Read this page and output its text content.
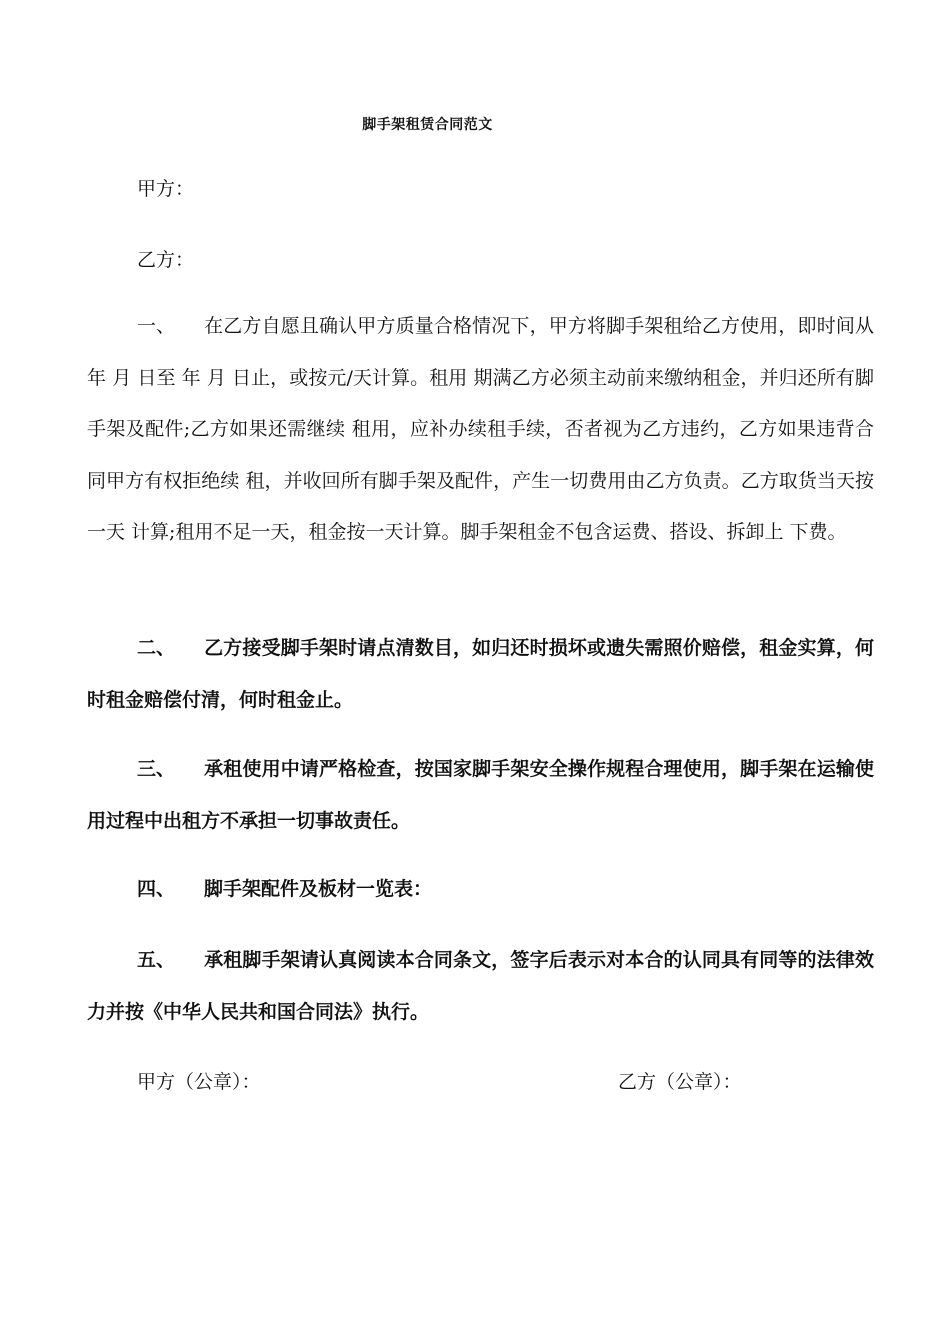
脚手架租赁合同范文
甲方：
乙方：

一、 在乙方自愿且确认甲方质量合格情况下，甲方将脚手架租给乙方使用，即时间从 年 月 日至 年 月 日止，或按元/天计算。租用 期满乙方必须主动前来缴纳租金，并归还所有脚手架及配件;乙方如果还需继续 租用，应补办续租手续，否者视为乙方违约，乙方如果违背合同甲方有权拒绝续 租，并收回所有脚手架及配件，产生一切费用由乙方负责。乙方取货当天按一天 计算;租用不足一天，租金按一天计算。脚手架租金不包含运费、搭设、拆卸上 下费。

二、 乙方接受脚手架时请点清数目，如归还时损坏或遗失需照价赔偿，租金实算，何时租金赔偿付清，何时租金止。

三、 承租使用中请严格检查，按国家脚手架安全操作规程合理使用，脚手架在运输使用过程中出租方不承担一切事故责任。

四、 脚手架配件及板材一览表：

五、 承租脚手架请认真阅读本合同条文，签字后表示对本合的认同具有同等的法律效力并按《中华人民共和国合同法》执行。

甲方（公章）：	乙方（公章）：
